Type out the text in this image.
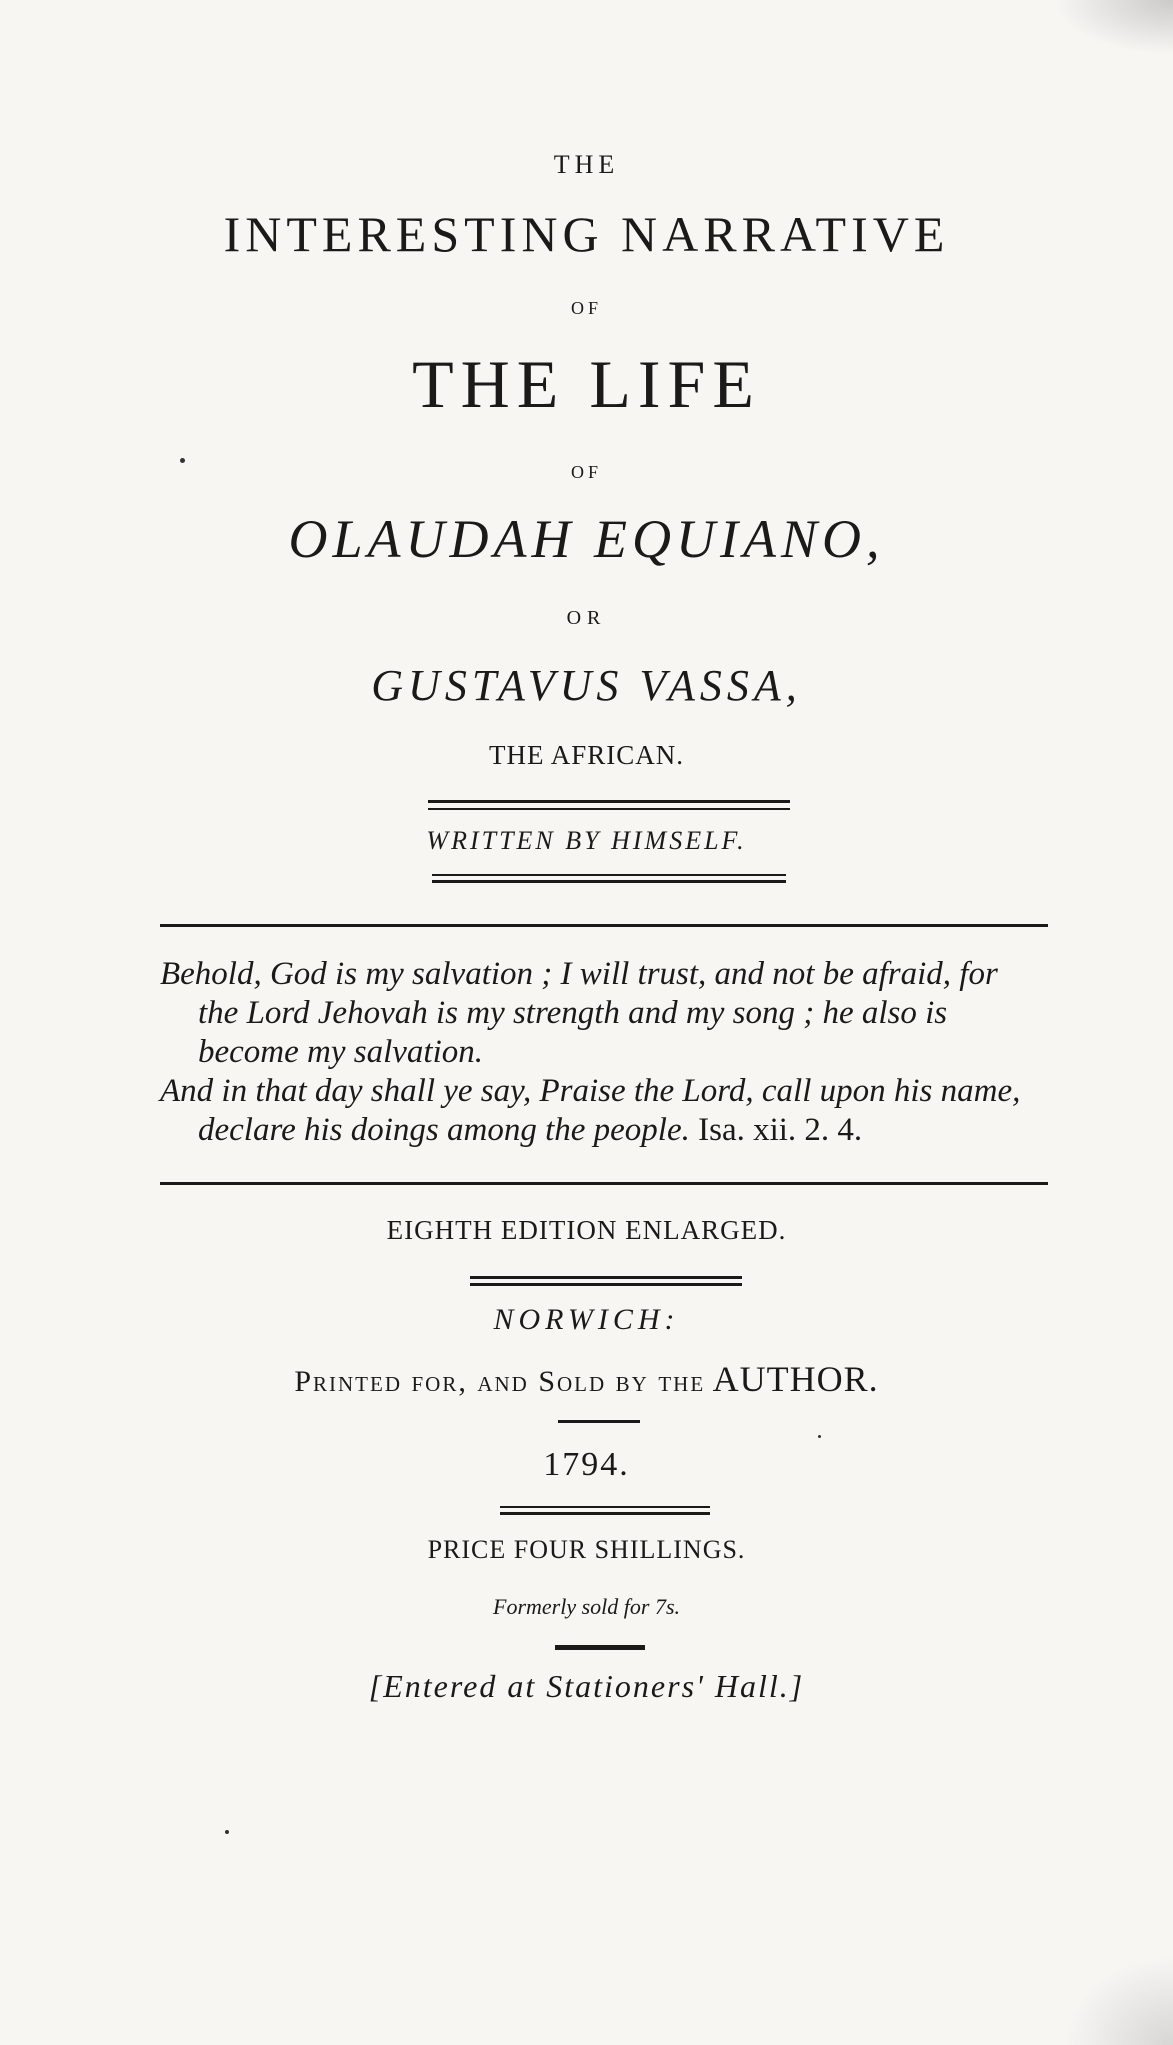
THE
INTERESTING NARRATIVE
OF
THE LIFE
OF
OLAUDAH EQUIANO,
OR
GUSTAVUS VASSA,
THE AFRICAN.
WRITTEN BY HIMSELF.

Behold, God is my salvation ; I will trust, and not be afraid, for the Lord Jehovah is my strength and my song ; he also is become my salvation.

And in that day shall ye say, Praise the Lord, call upon his name, declare his doings among the people. Isa. xii. 2. 4.

EIGHTH EDITION ENLARGED.
NORWICH:
Printed for, and Sold by the AUTHOR.
1794.
PRICE FOUR SHILLINGS.
Formerly sold for 7s.
[Entered at Stationers' Hall.]
